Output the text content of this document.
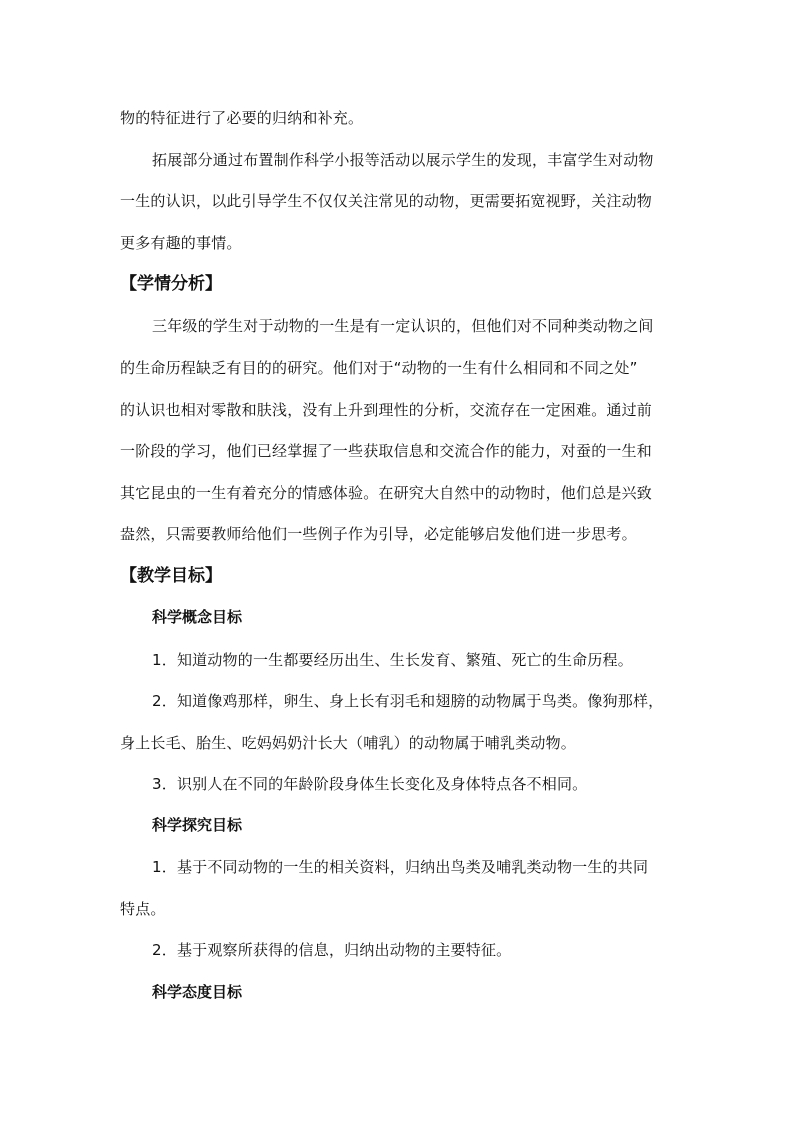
物的特征进行了必要的归纳和补充。
拓展部分通过布置制作科学小报等活动以展示学生的发现，丰富学生对动物
一生的认识，以此引导学生不仅仅关注常见的动物，更需要拓宽视野，关注动物
更多有趣的事情。
【学情分析】
三年级的学生对于动物的一生是有一定认识的，但他们对不同种类动物之间
的生命历程缺乏有目的的研究。他们对于“动物的一生有什么相同和不同之处”
的认识也相对零散和肤浅，没有上升到理性的分析，交流存在一定困难。通过前
一阶段的学习，他们已经掌握了一些获取信息和交流合作的能力，对蚕的一生和
其它昆虫的一生有着充分的情感体验。在研究大自然中的动物时，他们总是兴致
盎然，只需要教师给他们一些例子作为引导，必定能够启发他们进一步思考。
【教学目标】
科学概念目标
1．知道动物的一生都要经历出生、生长发育、繁殖、死亡的生命历程。
2．知道像鸡那样，卵生、身上长有羽毛和翅膀的动物属于鸟类。像狗那样，
身上长毛、胎生、吃妈妈奶汁长大（哺乳）的动物属于哺乳类动物。
3．识别人在不同的年龄阶段身体生长变化及身体特点各不相同。
科学探究目标
1．基于不同动物的一生的相关资料，归纳出鸟类及哺乳类动物一生的共同
特点。
2．基于观察所获得的信息，归纳出动物的主要特征。
科学态度目标
